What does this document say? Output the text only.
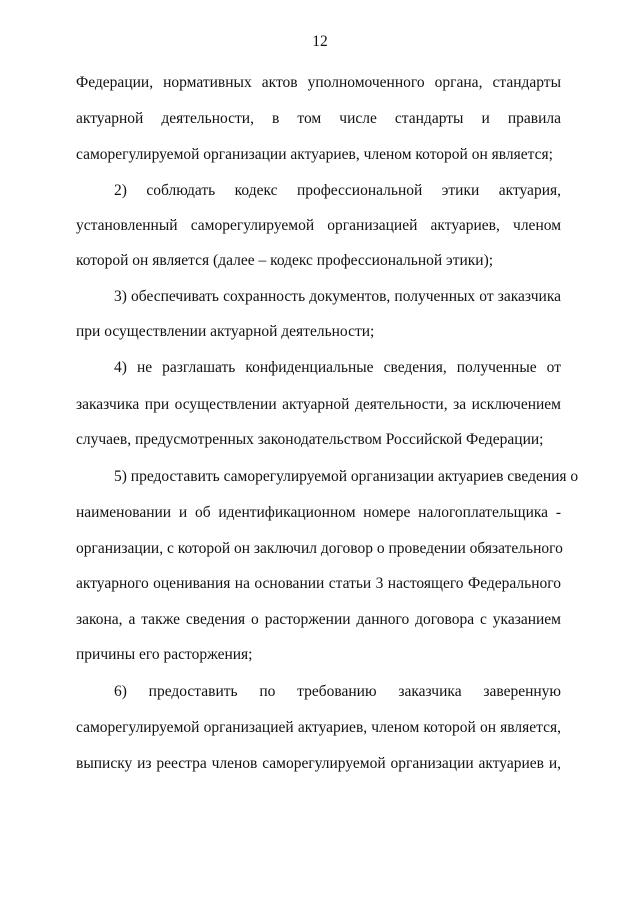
12
Федерации, нормативных актов уполномоченного органа, стандарты
актуарной деятельности, в том числе стандарты и правила
саморегулируемой организации актуариев, членом которой он является;
2) соблюдать кодекс профессиональной этики актуария,
установленный саморегулируемой организацией актуариев, членом
которой он является (далее – кодекс профессиональной этики);
3) обеспечивать сохранность документов, полученных от заказчика
при осуществлении актуарной деятельности;
4) не разглашать конфиденциальные сведения, полученные от
заказчика при осуществлении актуарной деятельности, за исключением
случаев, предусмотренных законодательством Российской Федерации;
5) предоставить саморегулируемой организации актуариев сведения о
наименовании и об идентификационном номере налогоплательщика -
организации, с которой он заключил договор о проведении обязательного
актуарного оценивания на основании статьи 3 настоящего Федерального
закона, а также сведения о расторжении данного договора с указанием
причины его расторжения;
6) предоставить по требованию заказчика заверенную
саморегулируемой организацией актуариев, членом которой он является,
выписку из реестра членов саморегулируемой организации актуариев и,
